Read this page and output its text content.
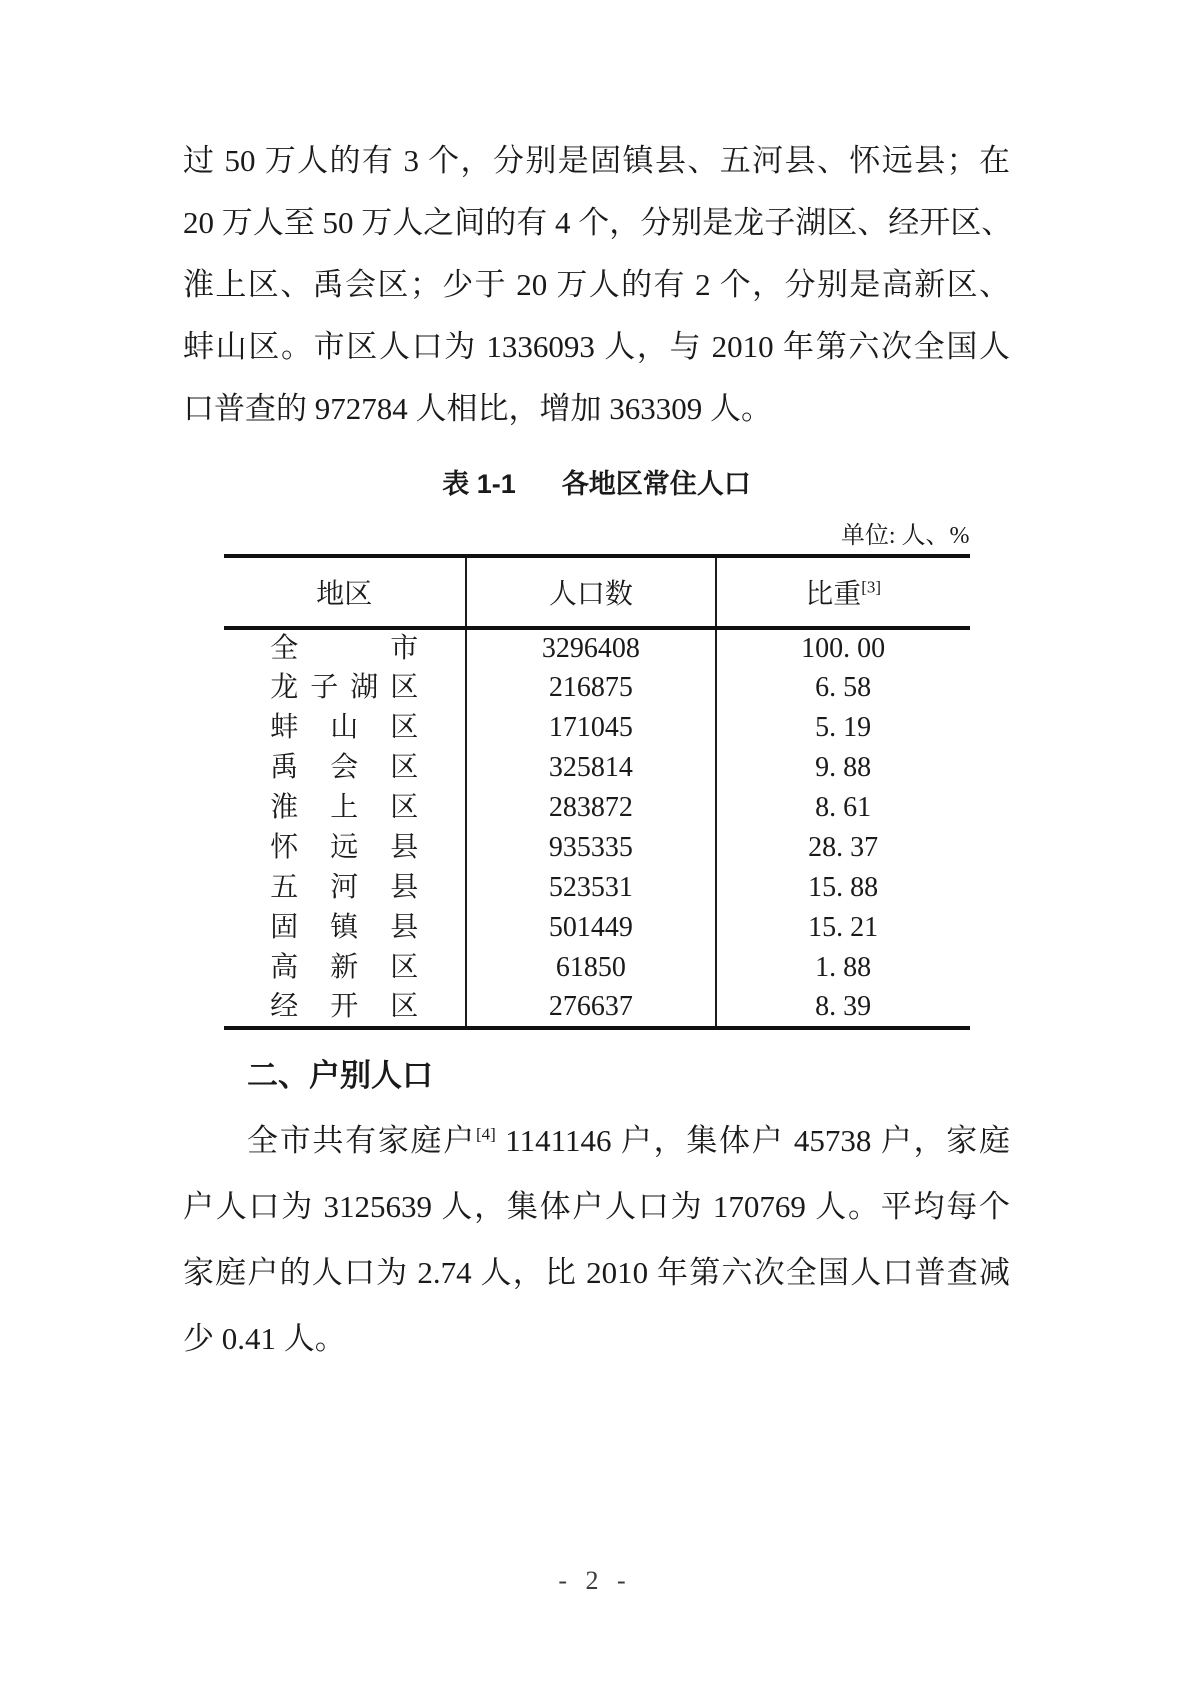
过 50 万人的有 3 个，分别是固镇县、五河县、怀远县；在
20 万人至 50 万人之间的有 4 个，分别是龙子湖区、经开区、
淮上区、禹会区；少于 20 万人的有 2 个，分别是高新区、
蚌山区。市区人口为 1336093 人，与 2010 年第六次全国人
口普查的 972784 人相比，增加 363309 人。
表 1-1 各地区常住人口
单位: 人、%
地区	人口数	比重[3]

全市	3296408	100. 00

龙子湖区	216875	6. 58

蚌山区	171045	5. 19

禹会区	325814	9. 88

淮上区	283872	8. 61

怀远县	935335	28. 37

五河县	523531	15. 88

固镇县	501449	15. 21

高新区	61850	1. 88

经开区	276637	8. 39
二、户别人口
全市共有家庭户[4] 1141146 户，集体户 45738 户，家庭
户人口为 3125639 人，集体户人口为 170769 人。平均每个
家庭户的人口为 2.74 人，比 2010 年第六次全国人口普查减
少 0.41 人。
- 2 -
